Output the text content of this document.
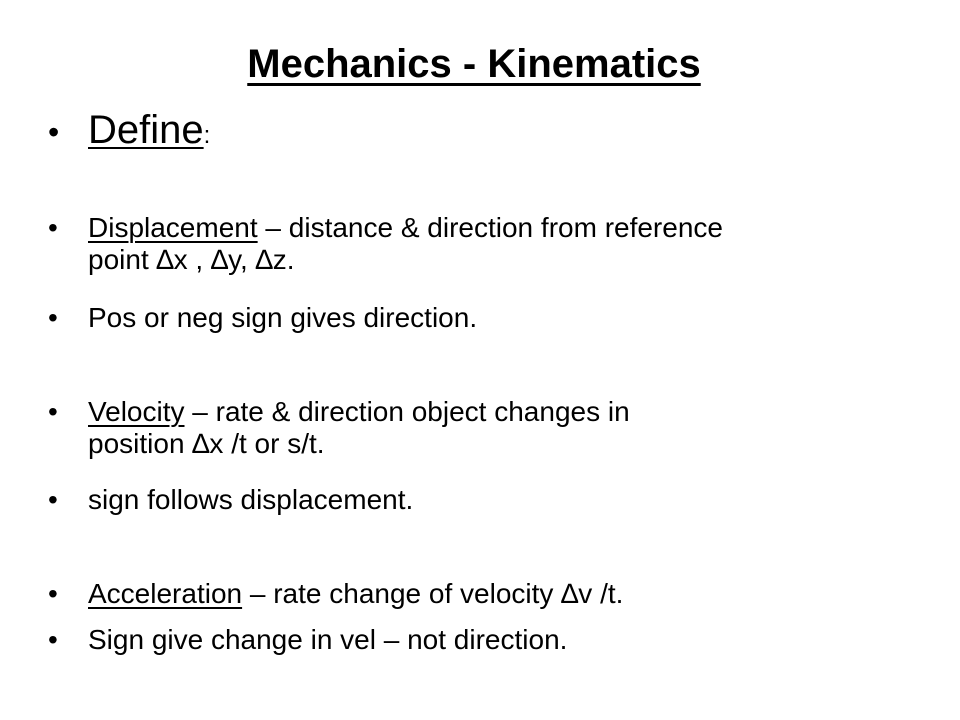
Mechanics - Kinematics
• Define:
•	Displacement – distance & direction from reference
point ∆x , ∆y, ∆z.
•	Pos or neg sign gives direction.
•	Velocity – rate & direction object changes in
position ∆x /t or s/t.
•	sign follows displacement.
•	Acceleration – rate change of velocity ∆v /t.
•	Sign give change in vel – not direction.
